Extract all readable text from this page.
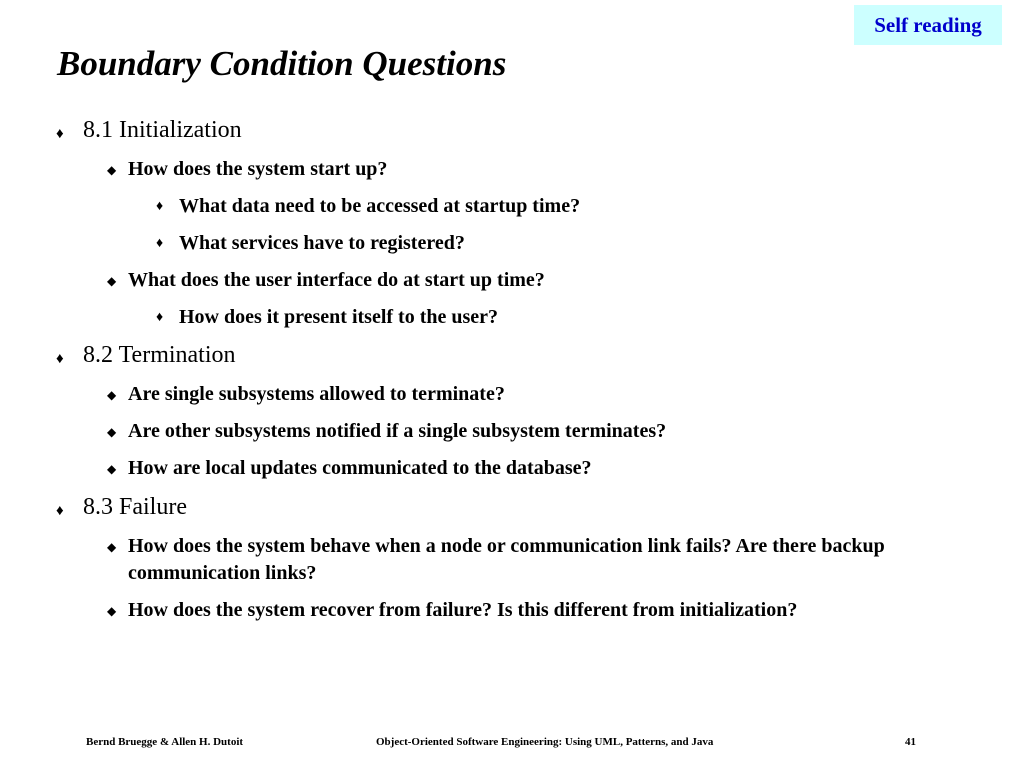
Self reading
Boundary Condition Questions
♦ 8.1 Initialization
◆ How does the system start up?
♦ What data need to be accessed at startup time?
♦ What services have to registered?
◆ What does the user interface do at start up time?
♦ How does it present itself to the user?
♦ 8.2 Termination
◆ Are single subsystems allowed to terminate?
◆ Are other subsystems notified if a single subsystem terminates?
◆ How are local updates communicated to the database?
♦ 8.3 Failure
◆ How does the system behave when a node or communication link fails? Are there backup communication links?
◆ How does the system recover from failure? Is this different from initialization?
Bernd Bruegge & Allen H. Dutoit	Object-Oriented Software Engineering: Using UML, Patterns, and Java	41
